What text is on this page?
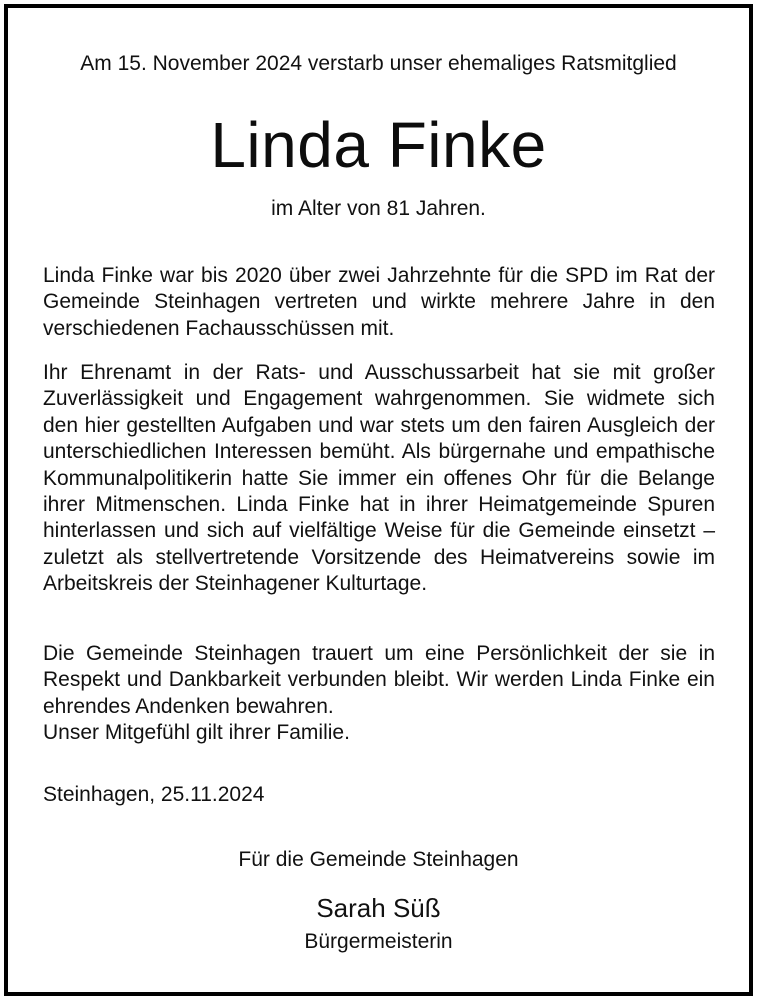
Am 15. November 2024 verstarb unser ehemaliges Ratsmitglied

Linda Finke

im Alter von 81 Jahren.

Linda Finke war bis 2020 über zwei Jahrzehnte für die SPD im Rat der Gemeinde Steinhagen vertreten und wirkte mehrere Jahre in den verschiedenen Fachausschüssen mit.

Ihr Ehrenamt in der Rats- und Ausschussarbeit hat sie mit großer Zuverlässigkeit und Engagement wahrgenommen. Sie widmete sich den hier gestellten Aufgaben und war stets um den fairen Ausgleich der unterschiedlichen Interessen bemüht. Als bürgernahe und empathische Kommunalpolitikerin hatte Sie immer ein offenes Ohr für die Belange ihrer Mitmenschen. Linda Finke hat in ihrer Heimatgemeinde Spuren hinterlassen und sich auf vielfältige Weise für die Gemeinde einsetzt – zuletzt als stellvertretende Vorsitzende des Heimatvereins sowie im Arbeitskreis der Steinhagener Kulturtage.

Die Gemeinde Steinhagen trauert um eine Persönlichkeit der sie in Respekt und Dankbarkeit verbunden bleibt. Wir werden Linda Finke ein ehrendes Andenken bewahren.
Unser Mitgefühl gilt ihrer Familie.

Steinhagen, 25.11.2024

Für die Gemeinde Steinhagen

Sarah Süß

Bürgermeisterin
